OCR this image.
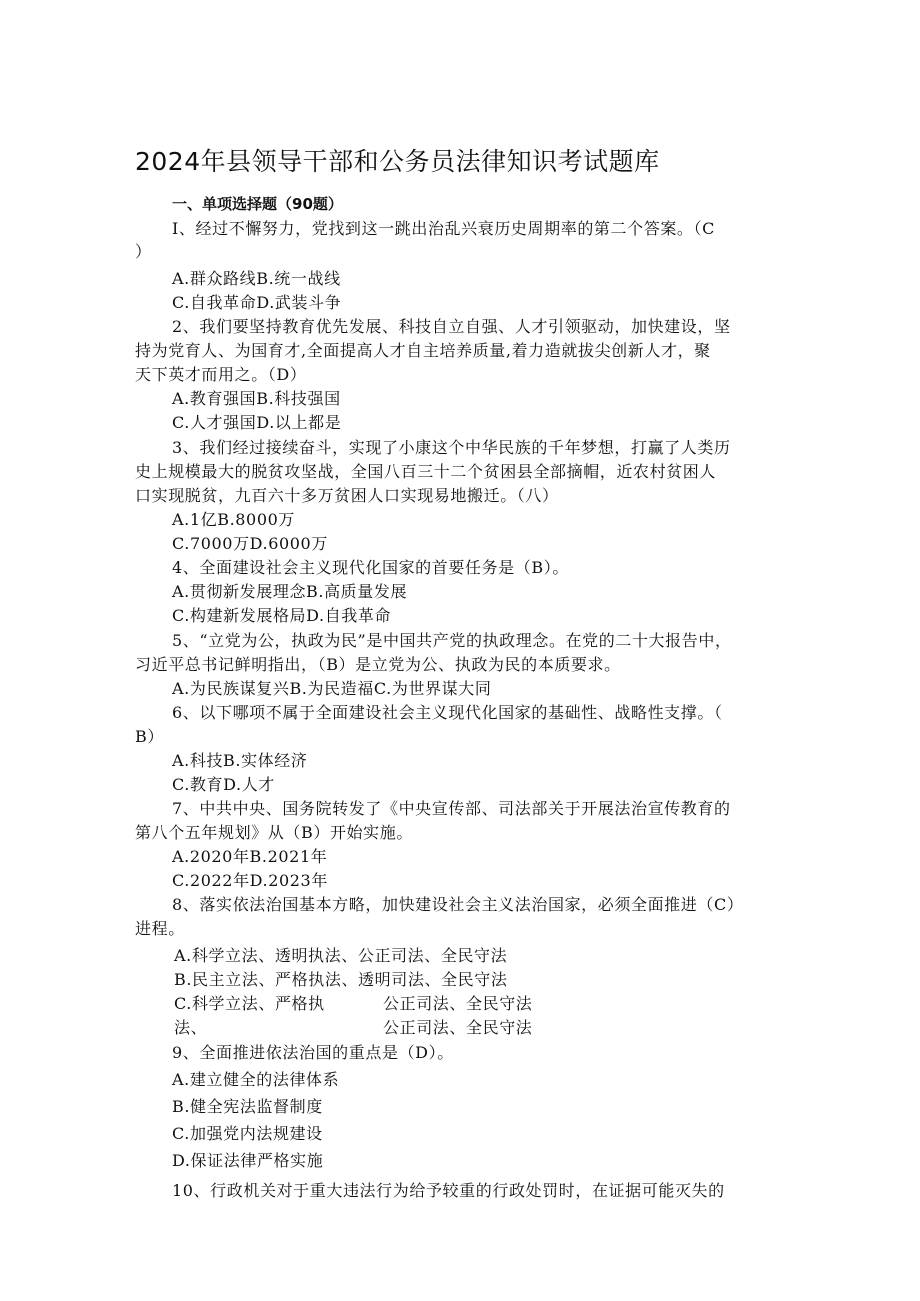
2024年县领导干部和公务员法律知识考试题库
一、单项选择题（90题）
I、经过不懈努力，党找到这一跳出治乱兴衰历史周期率的第二个答案。（C
）
A.群众路线B.统一战线
C.自我革命D.武装斗争
2、我们要坚持教育优先发展、科技自立自强、人才引领驱动，加快建设，坚
持为党育人、为国育才,全面提高人才自主培养质量,着力造就拔尖创新人才，聚
天下英才而用之。（D）
A.教育强国B.科技强国
C.人才强国D.以上都是
3、我们经过接续奋斗，实现了小康这个中华民族的千年梦想，打赢了人类历
史上规模最大的脱贫攻坚战，全国八百三十二个贫困县全部摘帽，近农村贫困人
口实现脱贫，九百六十多万贫困人口实现易地搬迁。（八）
A.1亿B.8000万
C.7000万D.6000万
4、全面建设社会主义现代化国家的首要任务是（B）。
A.贯彻新发展理念B.高质量发展
C.构建新发展格局D.自我革命
5、“立党为公，执政为民”是中国共产党的执政理念。在党的二十大报告中，
习近平总书记鲜明指出，（B）是立党为公、执政为民的本质要求。
A.为民族谋复兴B.为民造福C.为世界谋大同
6、以下哪项不属于全面建设社会主义现代化国家的基础性、战略性支撑。（
B）
A.科技B.实体经济
C.教育D.人才
7、中共中央、国务院转发了《中央宣传部、司法部关于开展法治宣传教育的
第八个五年规划》从（B）开始实施。
A.2020年B.2021年
C.2022年D.2023年
8、落实依法治国基本方略，加快建设社会主义法治国家，必须全面推进（C）
进程。
A.科学立法、透明执法、公正司法、全民守法
B.民主立法、严格执法、透明司法、全民守法
C.科学立法、严格执
法、
公正司法、全民守法
公正司法、全民守法
9、全面推进依法治国的重点是（D）。
A.建立健全的法律体系
B.健全宪法监督制度
C.加强党内法规建设
D.保证法律严格实施
10、行政机关对于重大违法行为给予较重的行政处罚时，在证据可能灭失的
